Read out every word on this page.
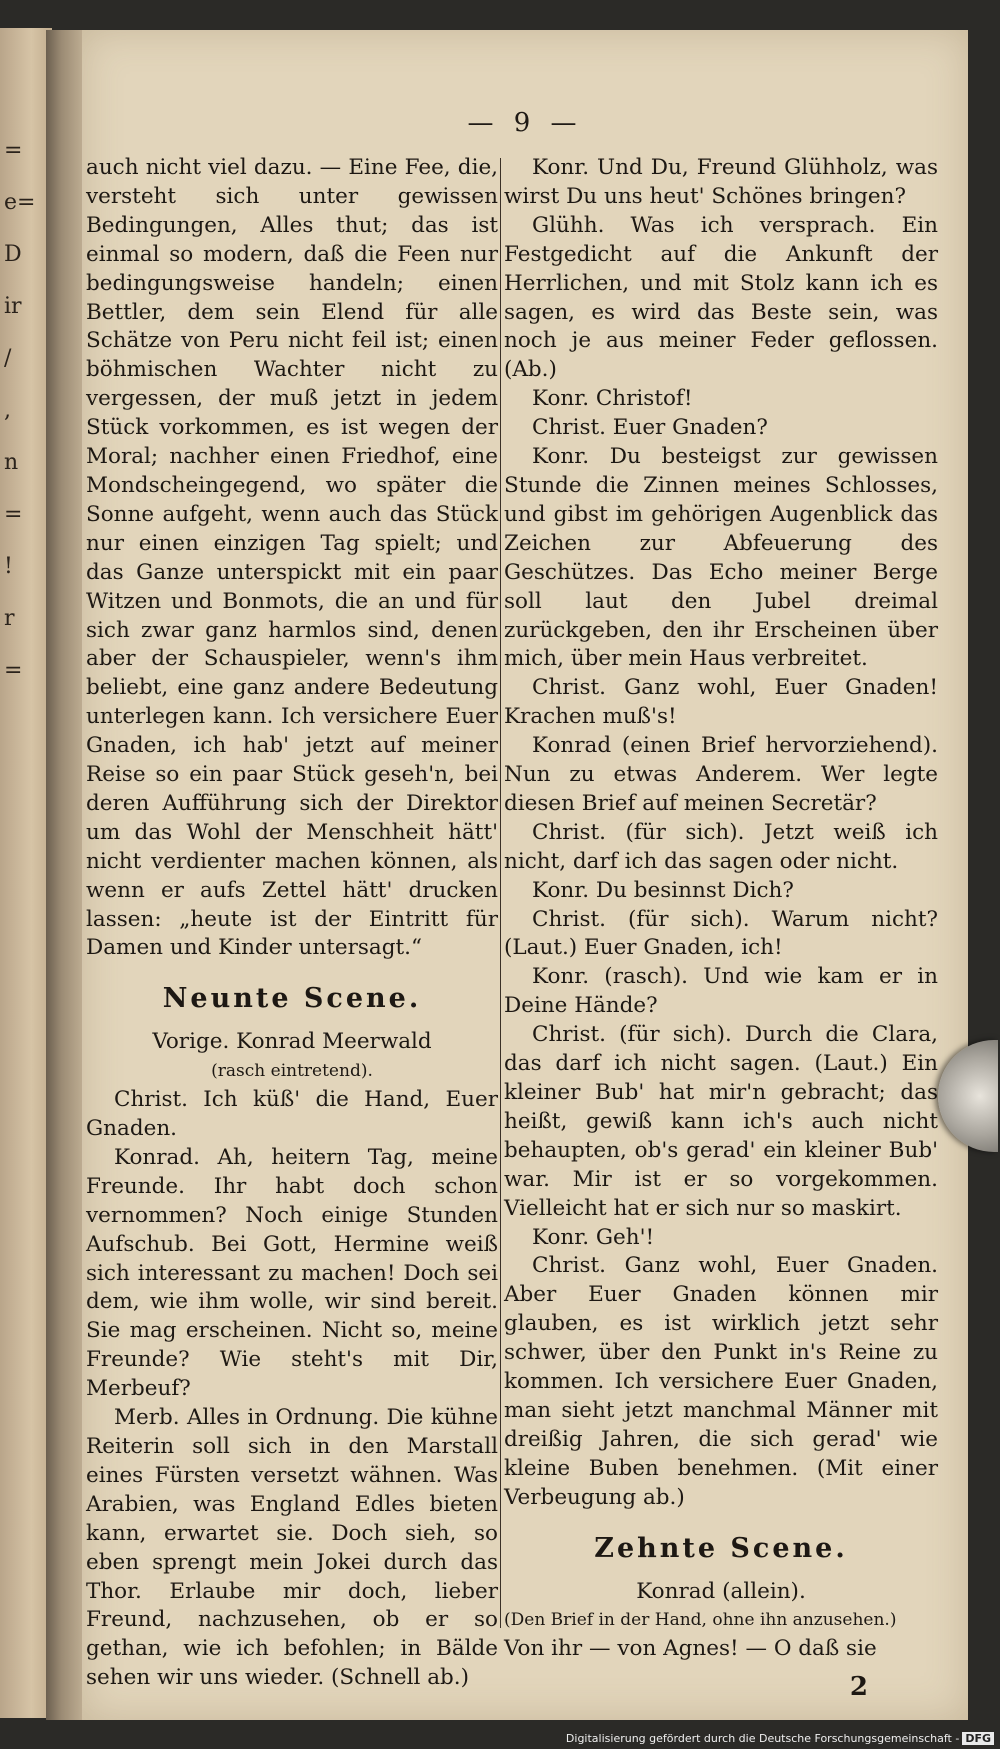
=
e=
D
ir
/
,
n
=
!
r
=
— 9 —

auch nicht viel dazu. — Eine Fee, die, versteht sich unter gewissen Bedingungen, Alles thut; das ist einmal so modern, daß die Feen nur bedingungsweise handeln; einen Bettler, dem sein Elend für alle Schätze von Peru nicht feil ist; einen böhmischen Wachter nicht zu vergessen, der muß jetzt in jedem Stück vorkommen, es ist wegen der Moral; nachher einen Friedhof, eine Mondscheingegend, wo später die Sonne aufgeht, wenn auch das Stück nur einen einzigen Tag spielt; und das Ganze unterspickt mit ein paar Witzen und Bonmots, die an und für sich zwar ganz harmlos sind, denen aber der Schauspieler, wenn's ihm beliebt, eine ganz andere Bedeutung unterlegen kann. Ich versichere Euer Gnaden, ich hab' jetzt auf meiner Reise so ein paar Stück geseh'n, bei deren Aufführung sich der Direktor um das Wohl der Menschheit hätt' nicht verdienter machen können, als wenn er aufs Zettel hätt' drucken lassen: „heute ist der Eintritt für Damen und Kinder untersagt.“

Neunte Scene.

Vorige. Konrad Meerwald

(rasch eintretend).

Christ. Ich küß' die Hand, Euer Gnaden.

Konrad. Ah, heitern Tag, meine Freunde. Ihr habt doch schon vernommen? Noch einige Stunden Aufschub. Bei Gott, Hermine weiß sich interessant zu machen! Doch sei dem, wie ihm wolle, wir sind bereit. Sie mag erscheinen. Nicht so, meine Freunde? Wie steht's mit Dir, Merbeuf?

Merb. Alles in Ordnung. Die kühne Reiterin soll sich in den Marstall eines Fürsten versetzt wähnen. Was Arabien, was England Edles bieten kann, erwartet sie. Doch sieh, so eben sprengt mein Jokei durch das Thor. Erlaube mir doch, lieber Freund, nachzusehen, ob er so gethan, wie ich befohlen; in Bälde sehen wir uns wieder. (Schnell ab.)

Konr. Und Du, Freund Glühholz, was wirst Du uns heut' Schönes bringen?

Glühh. Was ich versprach. Ein Festgedicht auf die Ankunft der Herrlichen, und mit Stolz kann ich es sagen, es wird das Beste sein, was noch je aus meiner Feder geflossen. (Ab.)

Konr. Christof!

Christ. Euer Gnaden?

Konr. Du besteigst zur gewissen Stunde die Zinnen meines Schlosses, und gibst im gehörigen Augenblick das Zeichen zur Abfeuerung des Geschützes. Das Echo meiner Berge soll laut den Jubel dreimal zurückgeben, den ihr Erscheinen über mich, über mein Haus verbreitet.

Christ. Ganz wohl, Euer Gnaden! Krachen muß's!

Konrad (einen Brief hervorziehend). Nun zu etwas Anderem. Wer legte diesen Brief auf meinen Secretär?

Christ. (für sich). Jetzt weiß ich nicht, darf ich das sagen oder nicht.

Konr. Du besinnst Dich?

Christ. (für sich). Warum nicht? (Laut.) Euer Gnaden, ich!

Konr. (rasch). Und wie kam er in Deine Hände?

Christ. (für sich). Durch die Clara, das darf ich nicht sagen. (Laut.) Ein kleiner Bub' hat mir'n gebracht; das heißt, gewiß kann ich's auch nicht behaupten, ob's gerad' ein kleiner Bub' war. Mir ist er so vorgekommen. Vielleicht hat er sich nur so maskirt.

Konr. Geh'!

Christ. Ganz wohl, Euer Gnaden. Aber Euer Gnaden können mir glauben, es ist wirklich jetzt sehr schwer, über den Punkt in's Reine zu kommen. Ich versichere Euer Gnaden, man sieht jetzt manchmal Männer mit dreißig Jahren, die sich gerad' wie kleine Buben benehmen. (Mit einer Verbeugung ab.)

Zehnte Scene.

Konrad (allein).

(Den Brief in der Hand, ohne ihn anzusehen.)

Von ihr — von Agnes! — O daß sie

2
Digitalisierung gefördert durch die Deutsche Forschungsgemeinschaft - DFG
